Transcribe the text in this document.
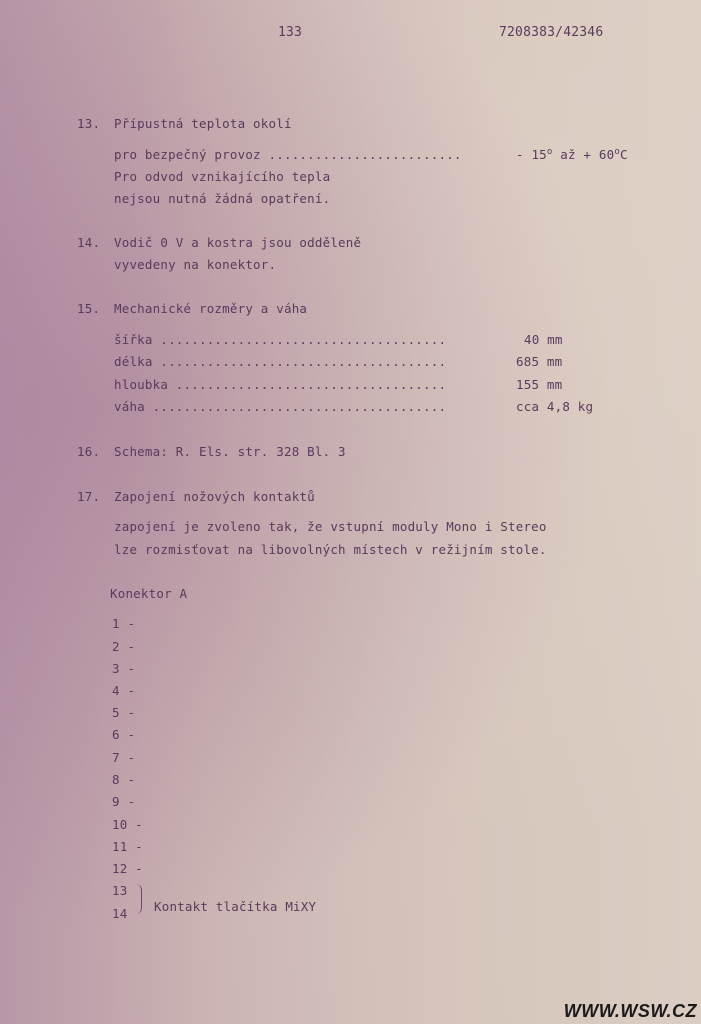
133	7208383/42346
13. Přípustná teplota okolí
pro bezpečný provoz .........................	- 15$^o$ až + $60^oC$
Pro odvod vznikajícího tepla
nejsou nutná žádná opatření.
14. Vodič 0 V a kostra jsou odděleně
vyvedeny na konektor.
15. Mechanické rozměry a váha
šířka .....................................	40 mm
délka .....................................	685 mm
hloubka ...................................	155 mm
váha ......................................	cca 4,8 kg
16. Schema: R. Els. str. 328 Bl. 3
17. Zapojení nožových kontaktů
zapojení je zvoleno tak, že vstupní moduly Mono i Stereo
lze rozmisťovat na libovolných místech v režijním stole.
Konektor A
1 -
2 -
3 -
4 -
5 -
6 -
7 -
8 -
9 -
10 -
11 -
12 -
13
14 Kontakt tlačítka MiXY
WWW.WSW.CZ
